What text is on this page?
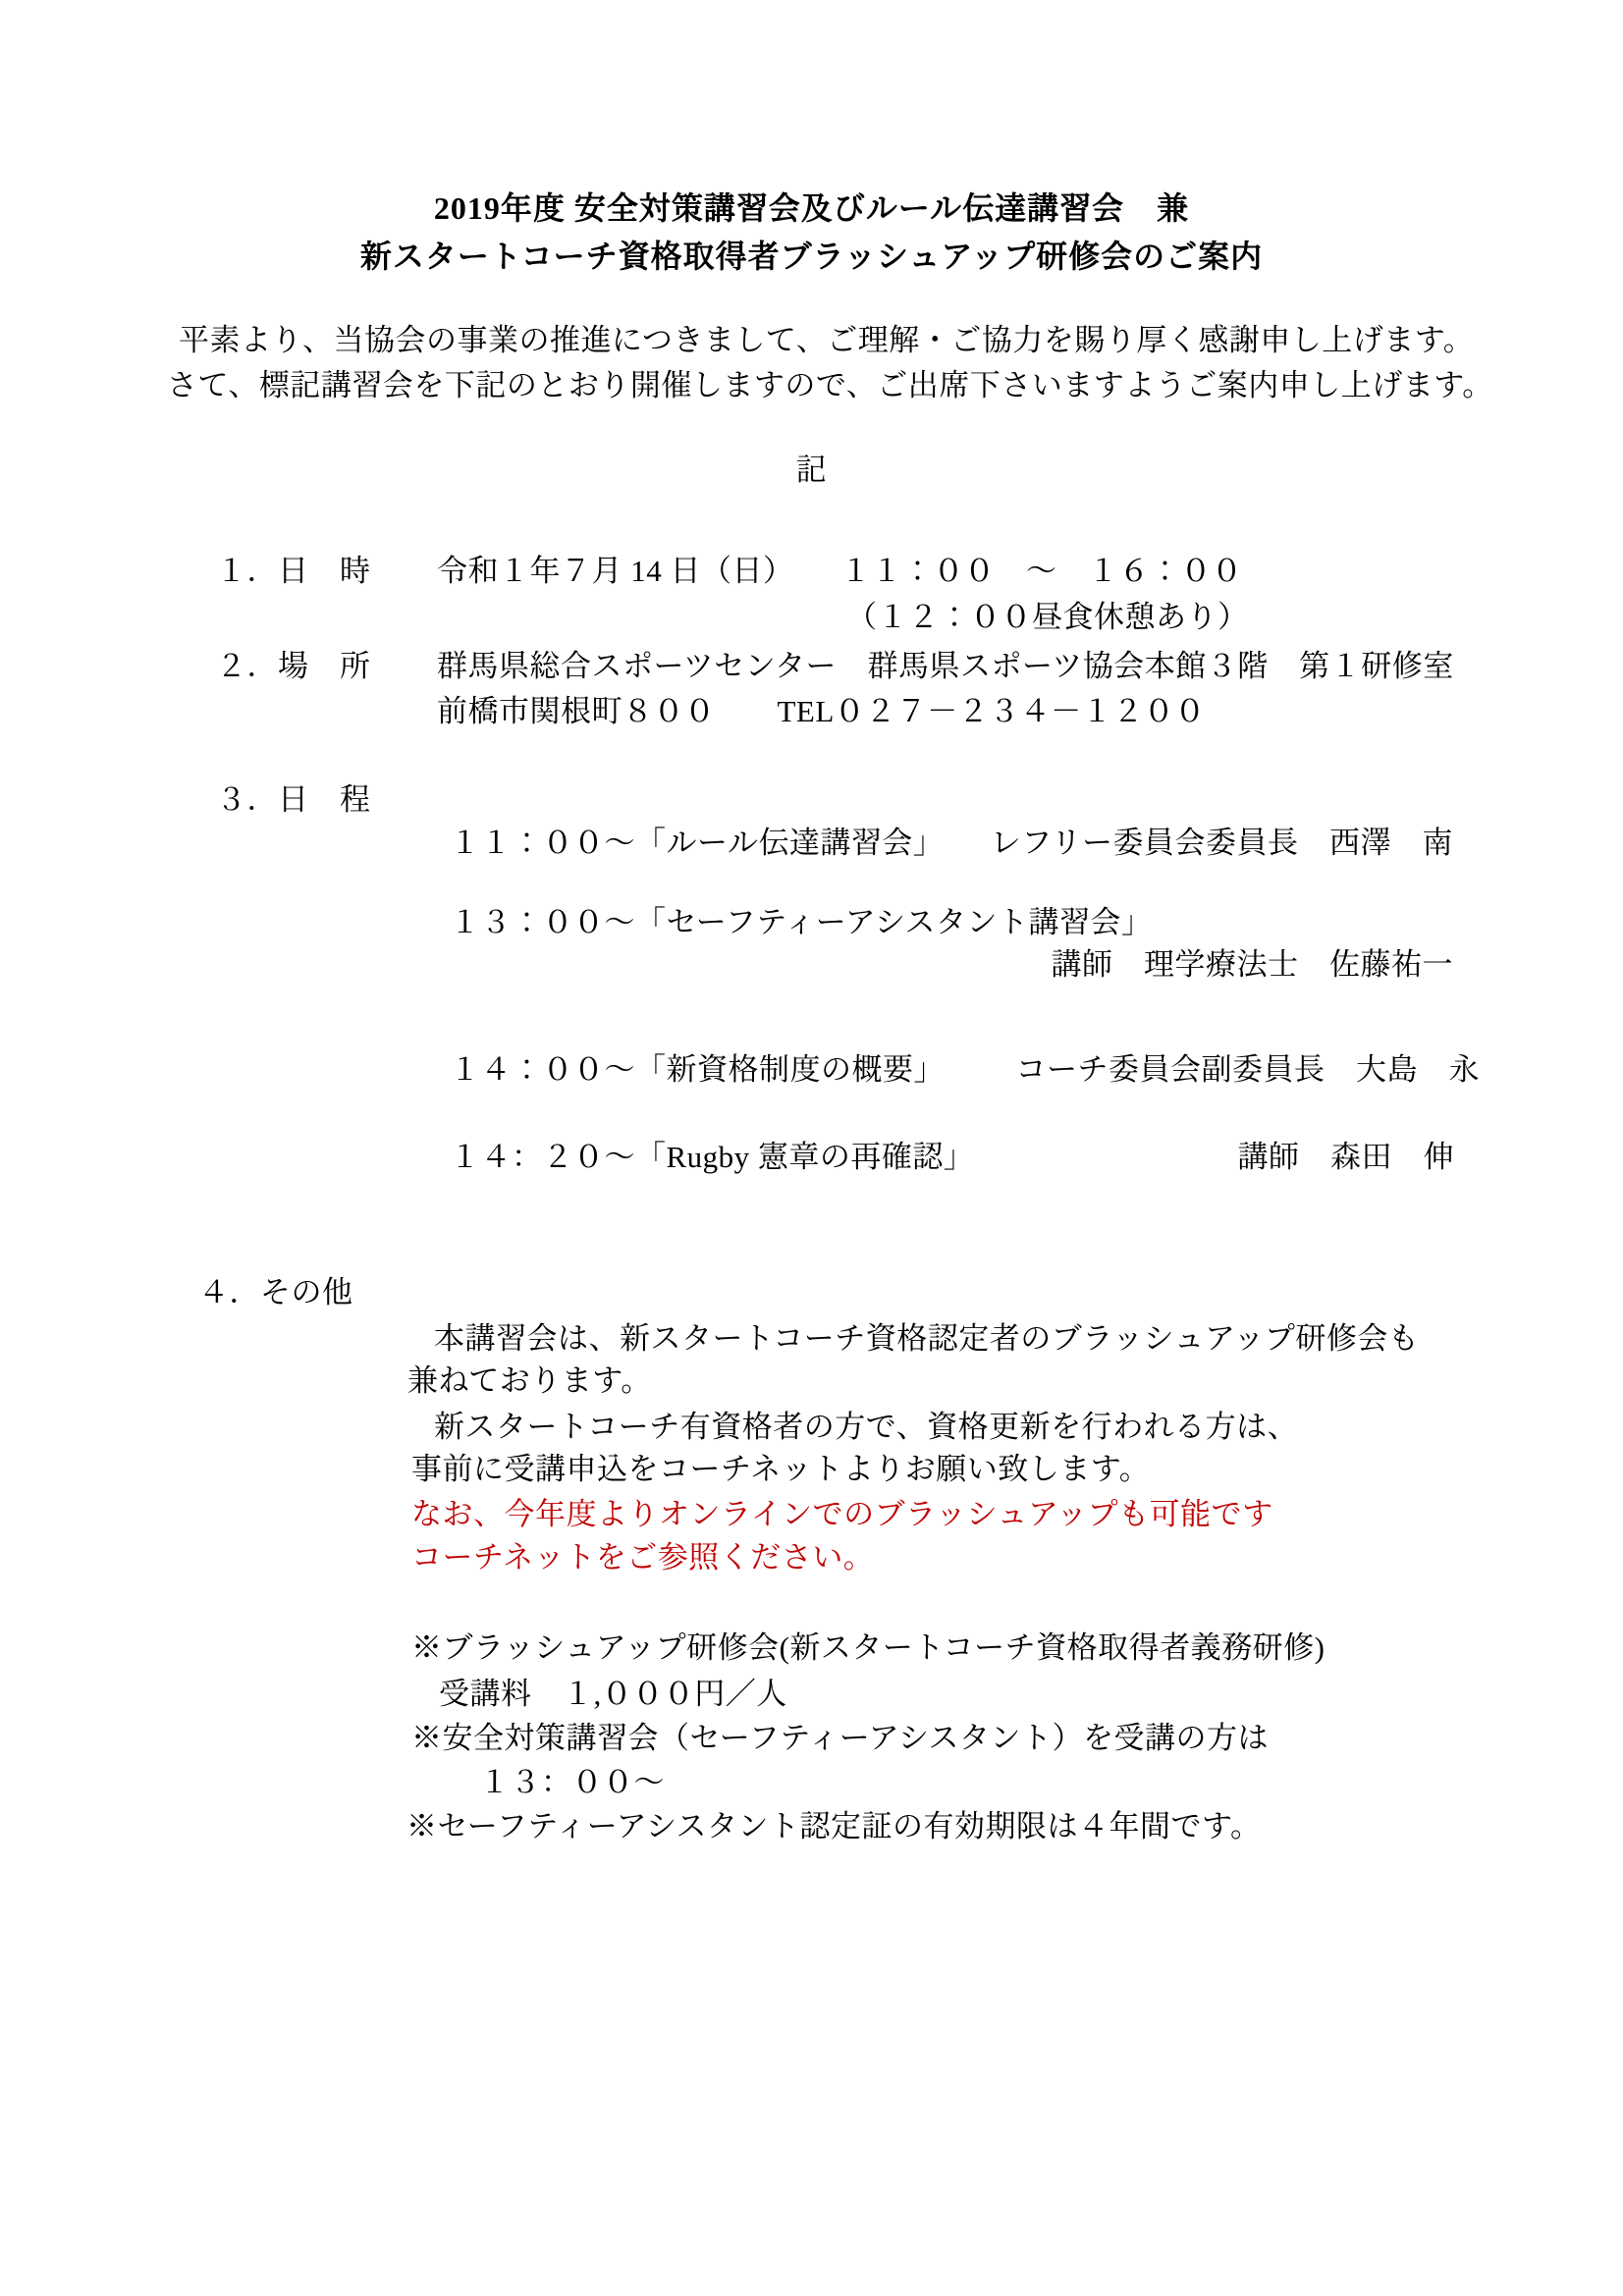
2019年度 安全対策講習会及びルール伝達講習会　兼
新スタートコーチ資格取得者ブラッシュアップ研修会のご案内
平素より、当協会の事業の推進につきまして、ご理解・ご協力を賜り厚く感謝申し上げます。
さて、標記講習会を下記のとおり開催しますので、ご出席下さいますようご案内申し上げます。
記
１．日　時 令和１年７月 14 日（日）　　１１：００　～　１６：００
（１２：００昼食休憩あり）
２．場　所 群馬県総合スポーツセンター　群馬県スポーツ協会本館３階　第１研修室
前橋市関根町８００　　TEL０２７－２３４－１２００
３．日　程
１１：００～「ルール伝達講習会」 レフリー委員会委員長　西澤　南
１３：００～「セーフティーアシスタント講習会」
講師　理学療法士　佐藤祐一
１４：００～「新資格制度の概要」 コーチ委員会副委員長　大島　永
１４：２０～「Rugby 憲章の再確認」	講師　森田　伸
４．その他
本講習会は、新スタートコーチ資格認定者のブラッシュアップ研修会も
兼ねております。
新スタートコーチ有資格者の方で、資格更新を行われる方は、
事前に受講申込をコーチネットよりお願い致します。
なお、今年度よりオンラインでのブラッシュアップも可能です
コーチネットをご参照ください。
※ブラッシュアップ研修会(新スタートコーチ資格取得者義務研修)
受講料　１,０００円／人
※安全対策講習会（セーフティーアシスタント）を受講の方は
１３：００～
※セーフティーアシスタント認定証の有効期限は４年間です。
